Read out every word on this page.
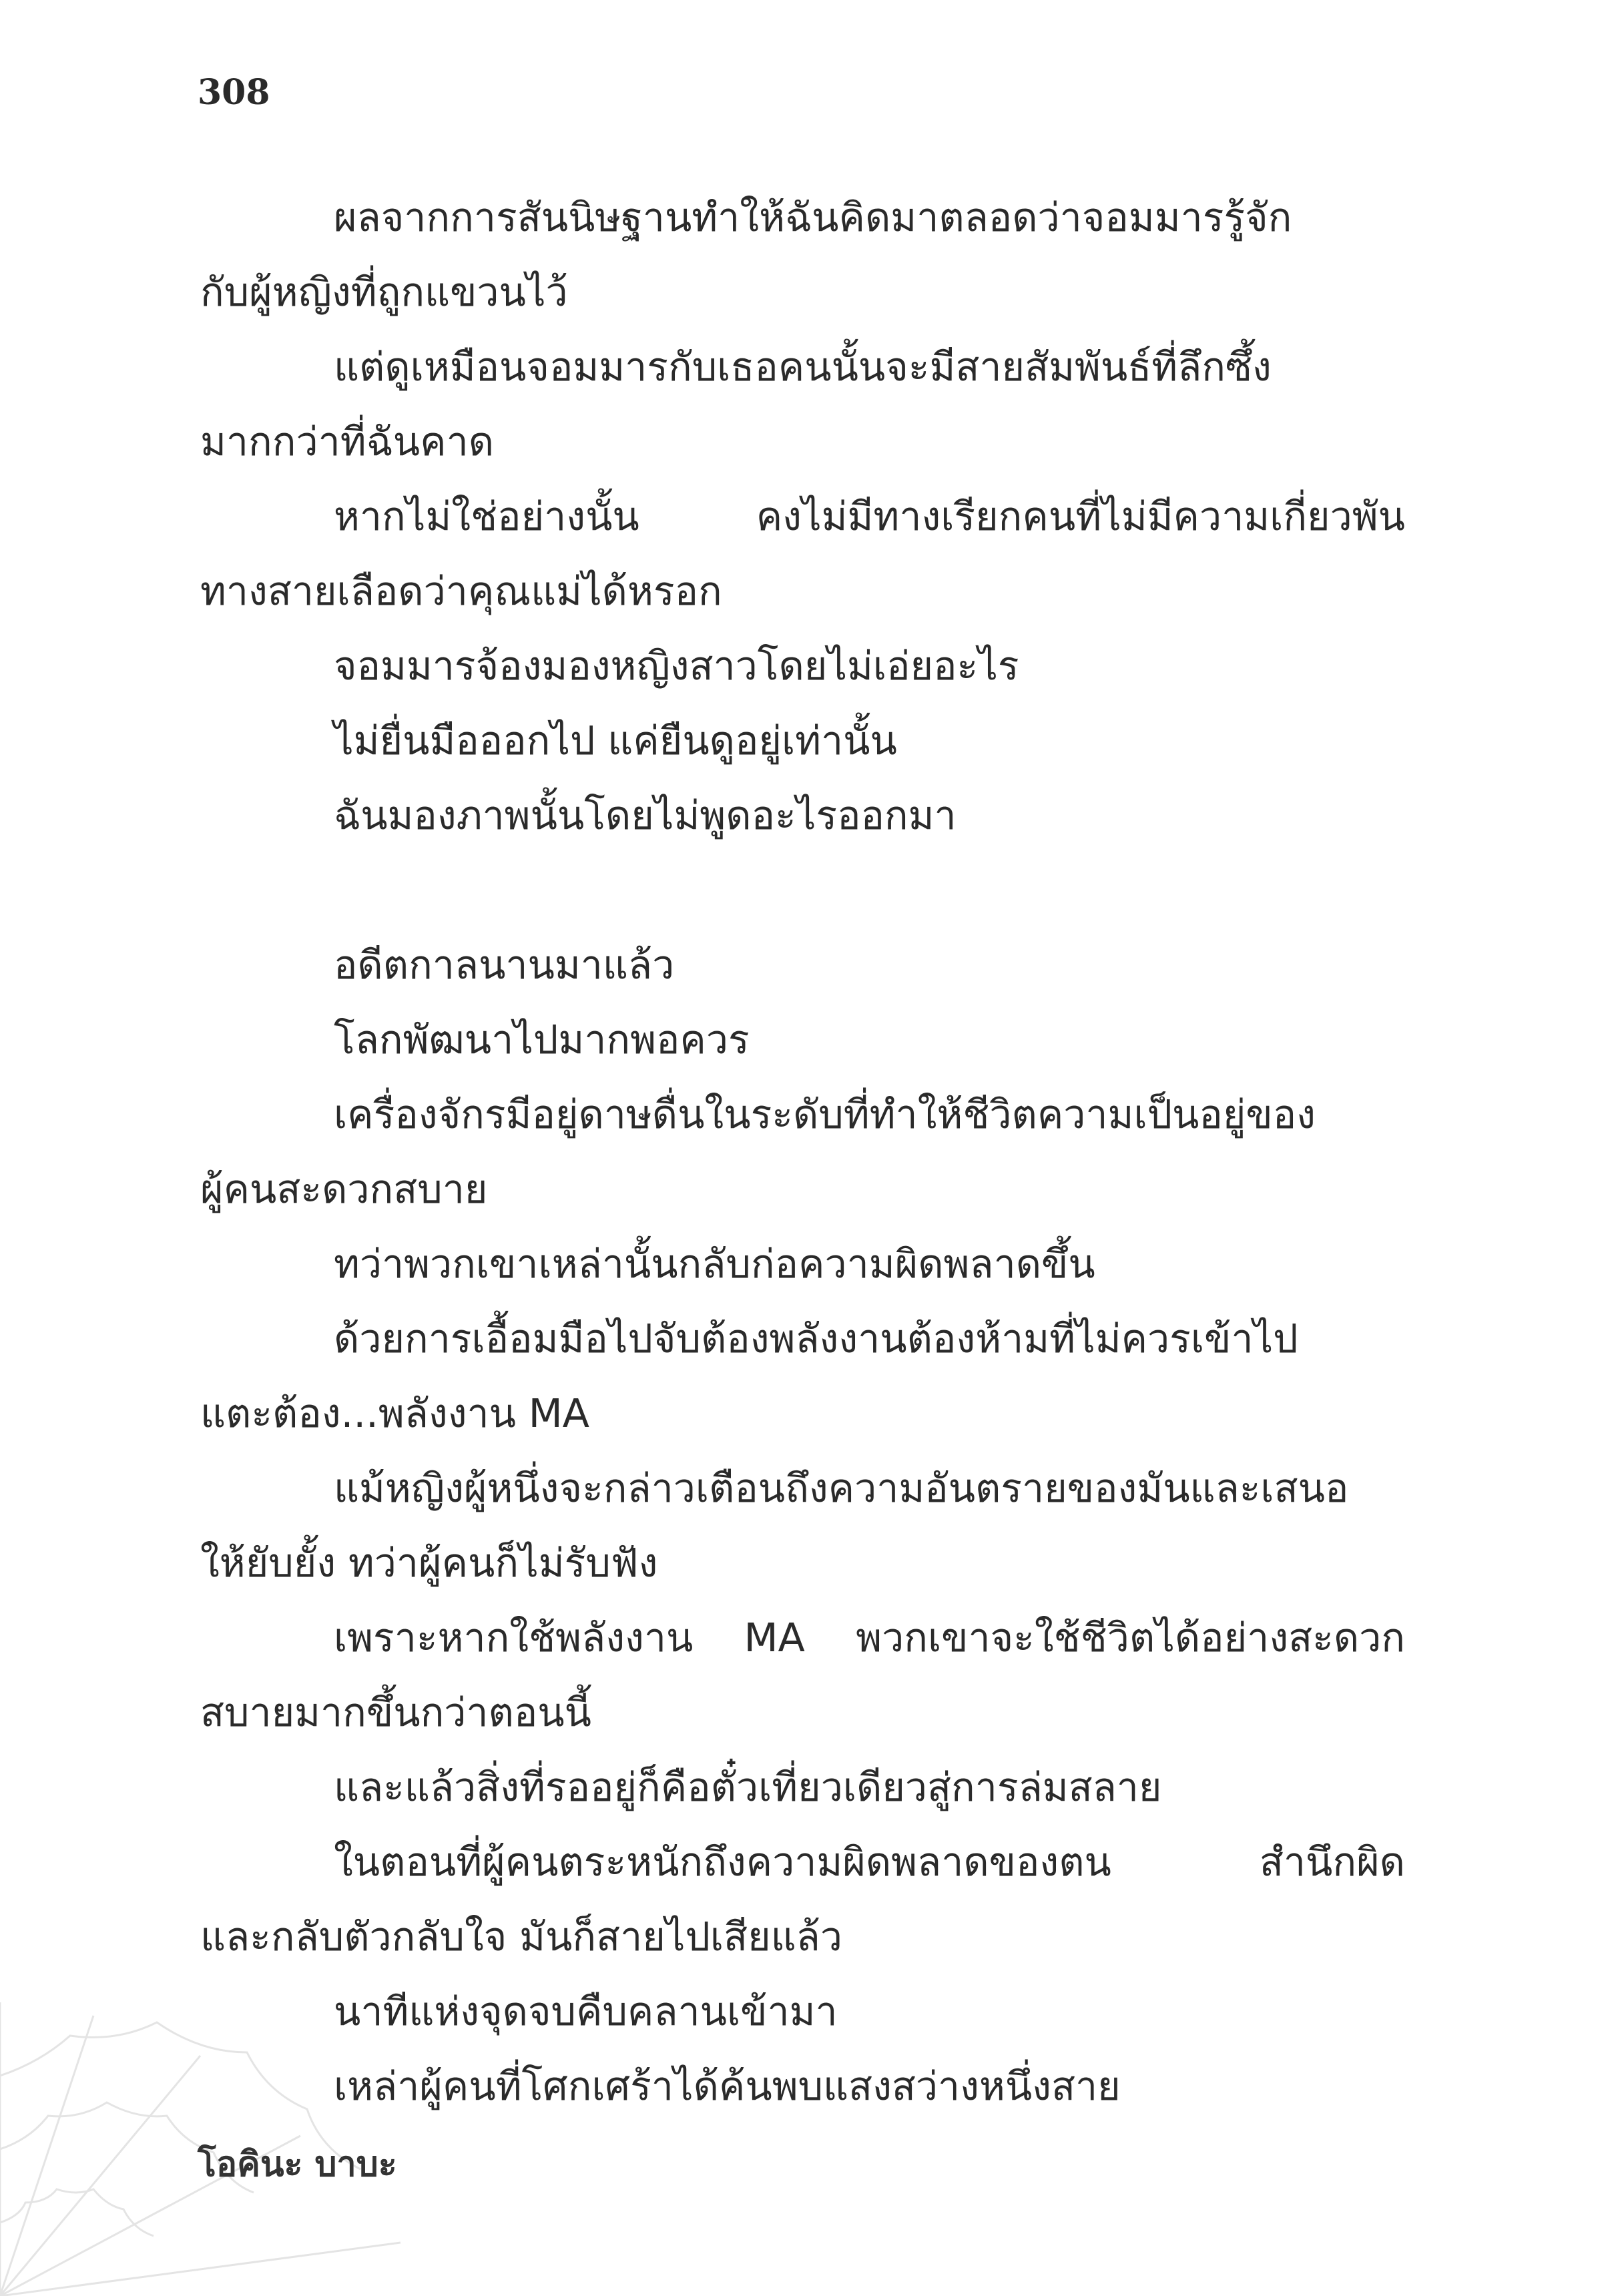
308
ผลจากการสันนิษฐานทำให้ฉันคิดมาตลอดว่าจอมมารรู้จัก
กับผู้หญิงที่ถูกแขวนไว้
แต่ดูเหมือนจอมมารกับเธอคนนั้นจะมีสายสัมพันธ์ที่ลึกซึ้ง
มากกว่าที่ฉันคาด
หากไม่ใช่อย่างนั้น คงไม่มีทางเรียกคนที่ไม่มีความเกี่ยวพัน
ทางสายเลือดว่าคุณแม่ได้หรอก
จอมมารจ้องมองหญิงสาวโดยไม่เอ่ยอะไร
ไม่ยื่นมือออกไป แค่ยืนดูอยู่เท่านั้น
ฉันมองภาพนั้นโดยไม่พูดอะไรออกมา
อดีตกาลนานมาแล้ว
โลกพัฒนาไปมากพอควร
เครื่องจักรมีอยู่ดาษดื่นในระดับที่ทำให้ชีวิตความเป็นอยู่ของ
ผู้คนสะดวกสบาย
ทว่าพวกเขาเหล่านั้นกลับก่อความผิดพลาดขึ้น
ด้วยการเอื้อมมือไปจับต้องพลังงานต้องห้ามที่ไม่ควรเข้าไป
แตะต้อง...พลังงาน MA
แม้หญิงผู้หนึ่งจะกล่าวเตือนถึงความอันตรายของมันและเสนอ
ให้ยับยั้ง ทว่าผู้คนก็ไม่รับฟัง
เพราะหากใช้พลังงาน MA พวกเขาจะใช้ชีวิตได้อย่างสะดวก
สบายมากขึ้นกว่าตอนนี้
และแล้วสิ่งที่รออยู่ก็คือตั๋วเที่ยวเดียวสู่การล่มสลาย
ในตอนที่ผู้คนตระหนักถึงความผิดพลาดของตน สำนึกผิด
และกลับตัวกลับใจ มันก็สายไปเสียแล้ว
นาทีแห่งจุดจบคืบคลานเข้ามา
เหล่าผู้คนที่โศกเศร้าได้ค้นพบแสงสว่างหนึ่งสาย
โอคินะ บาบะ
